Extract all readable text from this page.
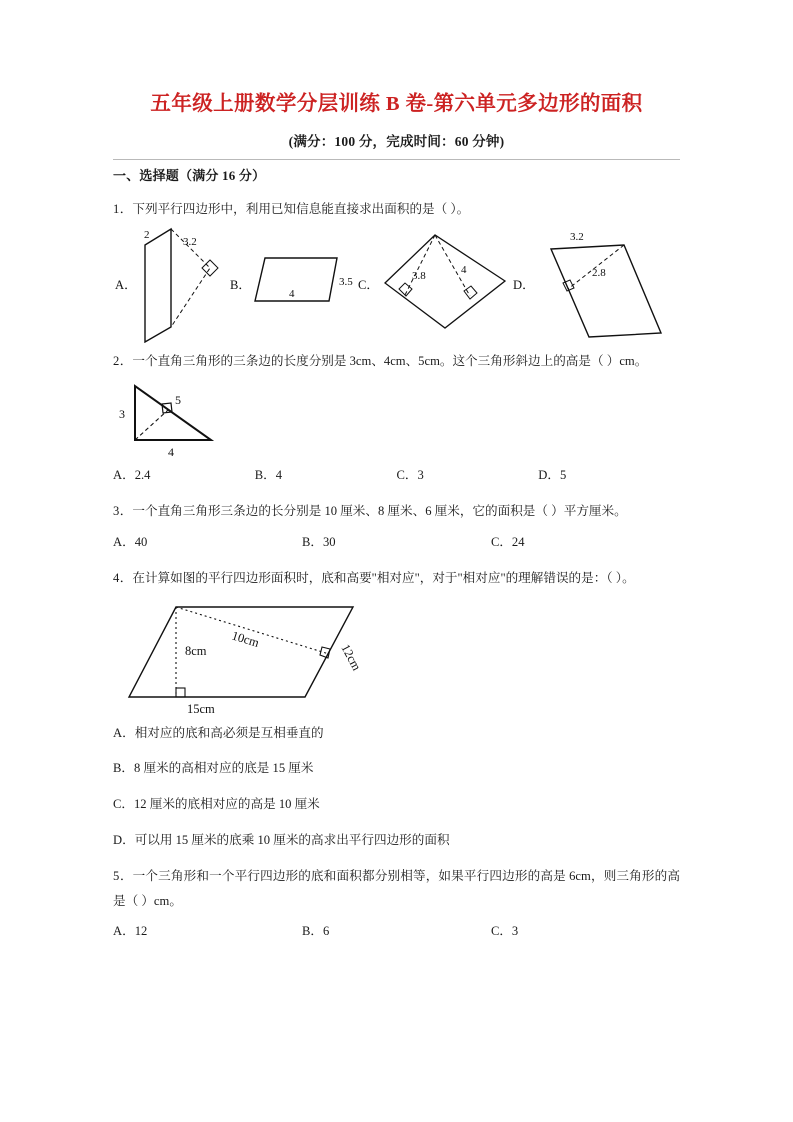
五年级上册数学分层训练 B 卷-第六单元多边形的面积
(满分：100 分，完成时间：60 分钟)
一、选择题（满分 16 分）
1．下列平行四边形中，利用已知信息能直接求出面积的是（ ）。
A．
2
3.2
B．	3.5
4
C．
3.8	4
D．
3.2
2.8
2．一个直角三角形的三条边的长度分别是 3cm、4cm、5cm。这个三角形斜边上的高是（ ）cm。
3
5
4
A．2.4	B．4	C．3	D．5
3．一个直角三角形三条边的长分别是 10 厘米、8 厘米、6 厘米，它的面积是（ ）平方厘米。
A．40	B．30	C．24
4．在计算如图的平行四边形面积时，底和高要"相对应"，对于"相对应"的理解错误的是：（ ）。
8cm
10cm
12cm
15cm
A．相对应的底和高必须是互相垂直的
B．8 厘米的高相对应的底是 15 厘米
C．12 厘米的底相对应的高是 10 厘米
D．可以用 15 厘米的底乘 10 厘米的高求出平行四边形的面积
5．一个三角形和一个平行四边形的底和面积都分别相等，如果平行四边形的高是 6cm，则三角形的高是（ ）cm。
A．12	B．6	C．3
